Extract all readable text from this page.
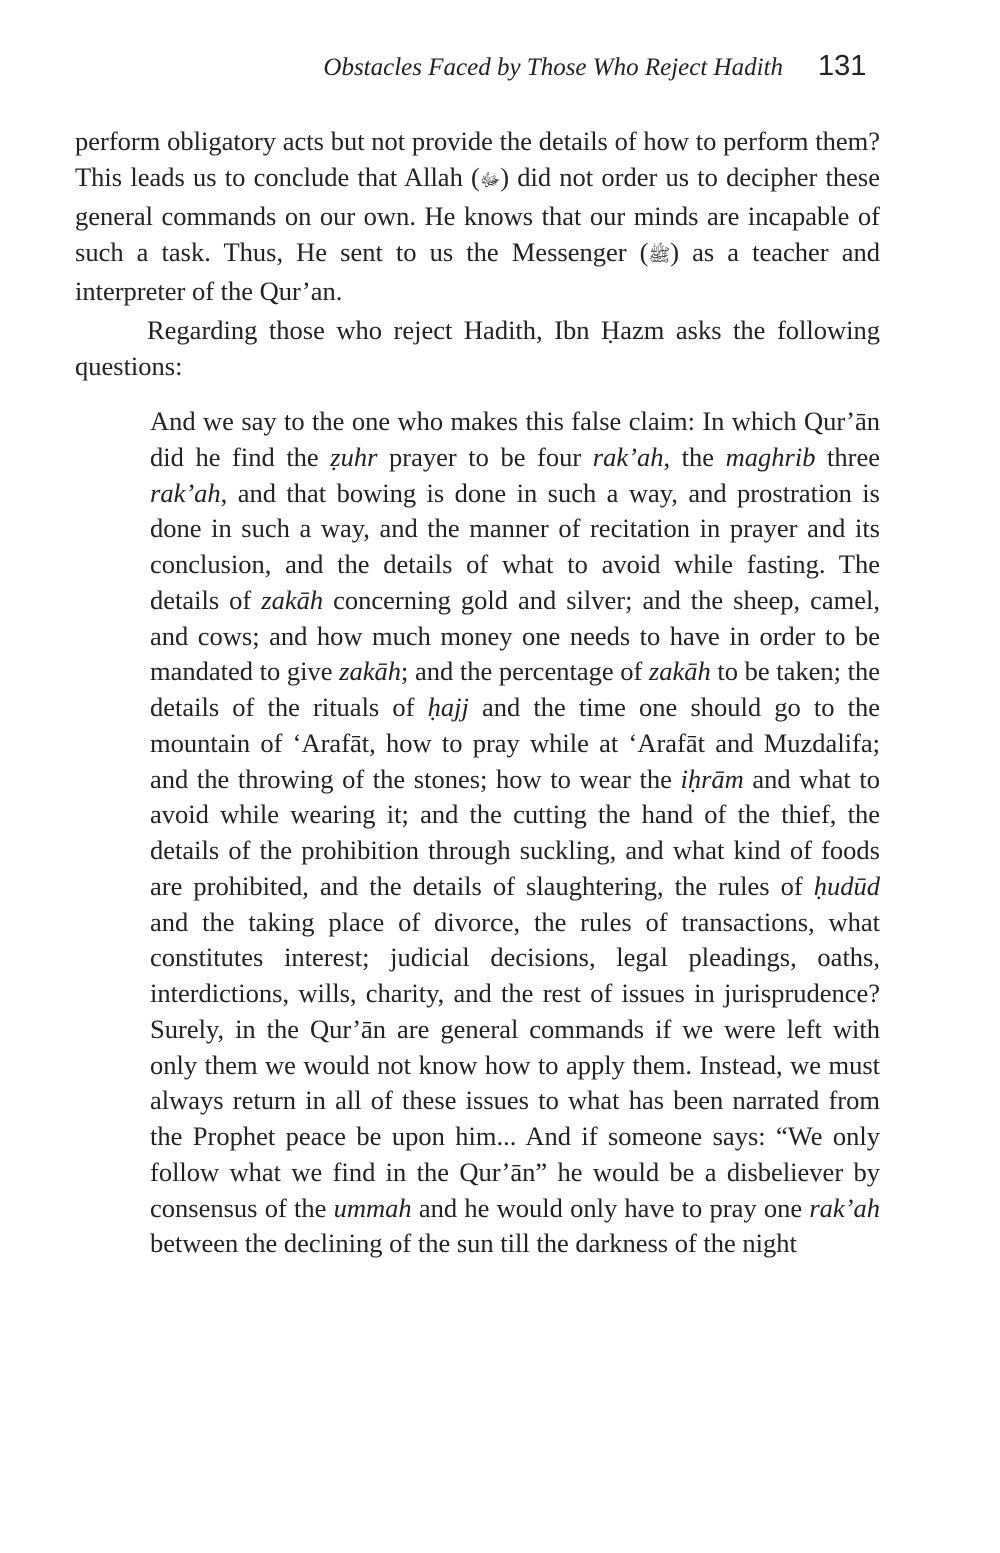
Obstacles Faced by Those Who Reject Hadith 131

perform obligatory acts but not provide the details of how to perform them? This leads us to conclude that Allah (ﷻ) did not order us to decipher these general commands on our own. He knows that our minds are incapable of such a task. Thus, He sent to us the Messenger (ﷺ) as a teacher and interpreter of the Qur’an.

Regarding those who reject Hadith, Ibn Ḥazm asks the following questions:

And we say to the one who makes this false claim: In which Qur’ān did he find the ẓuhr prayer to be four rak’ah, the maghrib three rak’ah, and that bowing is done in such a way, and prostration is done in such a way, and the manner of recitation in prayer and its conclusion, and the details of what to avoid while fasting. The details of zakāh concerning gold and silver; and the sheep, camel, and cows; and how much money one needs to have in order to be mandated to give zakāh; and the percentage of zakāh to be taken; the details of the rituals of ḥajj and the time one should go to the mountain of ‘Arafāt, how to pray while at ‘Arafāt and Muzdalifa; and the throwing of the stones; how to wear the iḥrām and what to avoid while wearing it; and the cutting the hand of the thief, the details of the prohibition through suckling, and what kind of foods are prohibited, and the details of slaughtering, the rules of ḥudūd and the taking place of divorce, the rules of transactions, what constitutes interest; judicial decisions, legal pleadings, oaths, interdictions, wills, charity, and the rest of issues in jurisprudence? Surely, in the Qur’ān are general commands if we were left with only them we would not know how to apply them. Instead, we must always return in all of these issues to what has been narrated from the Prophet peace be upon him... And if someone says: “We only follow what we find in the Qur’ān” he would be a disbeliever by consensus of the ummah and he would only have to pray one rak’ah between the declining of the sun till the darkness of the night
